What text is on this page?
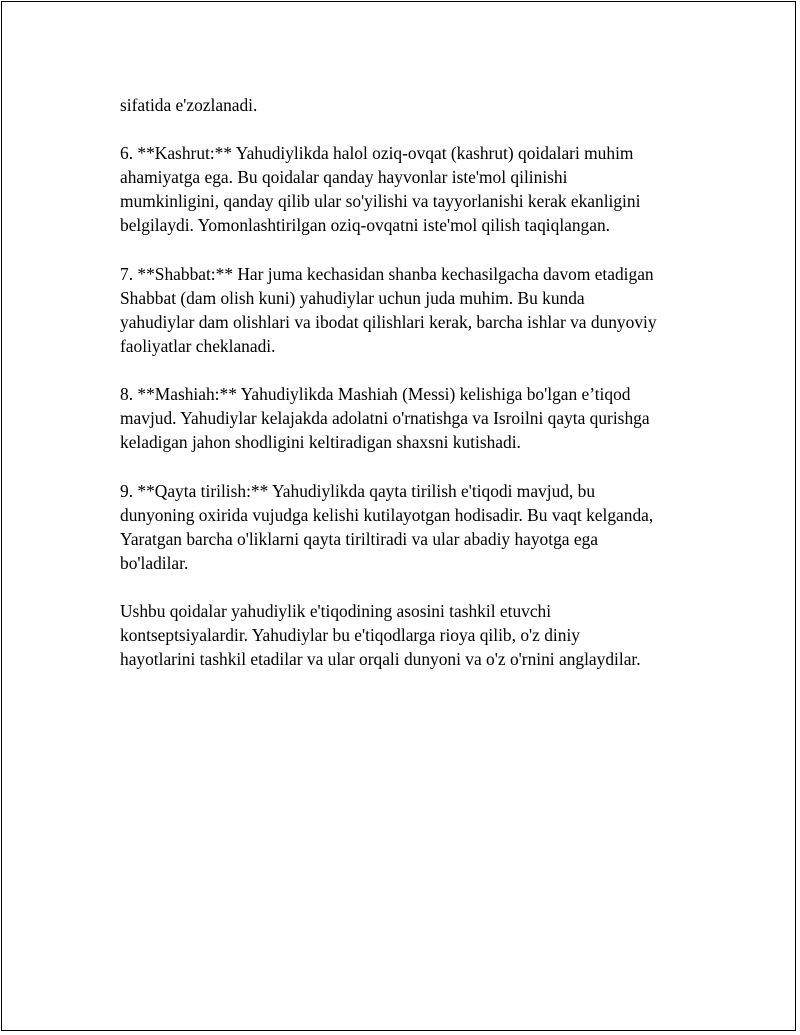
sifatida e'zozlanadi.

6. **Kashrut:** Yahudiylikda halol oziq-ovqat (kashrut) qoidalari muhim
ahamiyatga ega. Bu qoidalar qanday hayvonlar iste'mol qilinishi
mumkinligini, qanday qilib ular so'yilishi va tayyorlanishi kerak ekanligini
belgilaydi. Yomonlashtirilgan oziq-ovqatni iste'mol qilish taqiqlangan.

7. **Shabbat:** Har juma kechasidan shanba kechasilgacha davom etadigan
Shabbat (dam olish kuni) yahudiylar uchun juda muhim. Bu kunda
yahudiylar dam olishlari va ibodat qilishlari kerak, barcha ishlar va dunyoviy
faoliyatlar cheklanadi.

8. **Mashiah:** Yahudiylikda Mashiah (Messi) kelishiga bo'lgan e’tiqod
mavjud. Yahudiylar kelajakda adolatni o'rnatishga va Isroilni qayta qurishga
keladigan jahon shodligini keltiradigan shaxsni kutishadi.

9. **Qayta tirilish:** Yahudiylikda qayta tirilish e'tiqodi mavjud, bu
dunyoning oxirida vujudga kelishi kutilayotgan hodisadir. Bu vaqt kelganda,
Yaratgan barcha o'liklarni qayta tiriltiradi va ular abadiy hayotga ega
bo'ladilar.

Ushbu qoidalar yahudiylik e'tiqodining asosini tashkil etuvchi
kontseptsiyalardir. Yahudiylar bu e'tiqodlarga rioya qilib, o'z diniy
hayotlarini tashkil etadilar va ular orqali dunyoni va o'z o'rnini anglaydilar.
